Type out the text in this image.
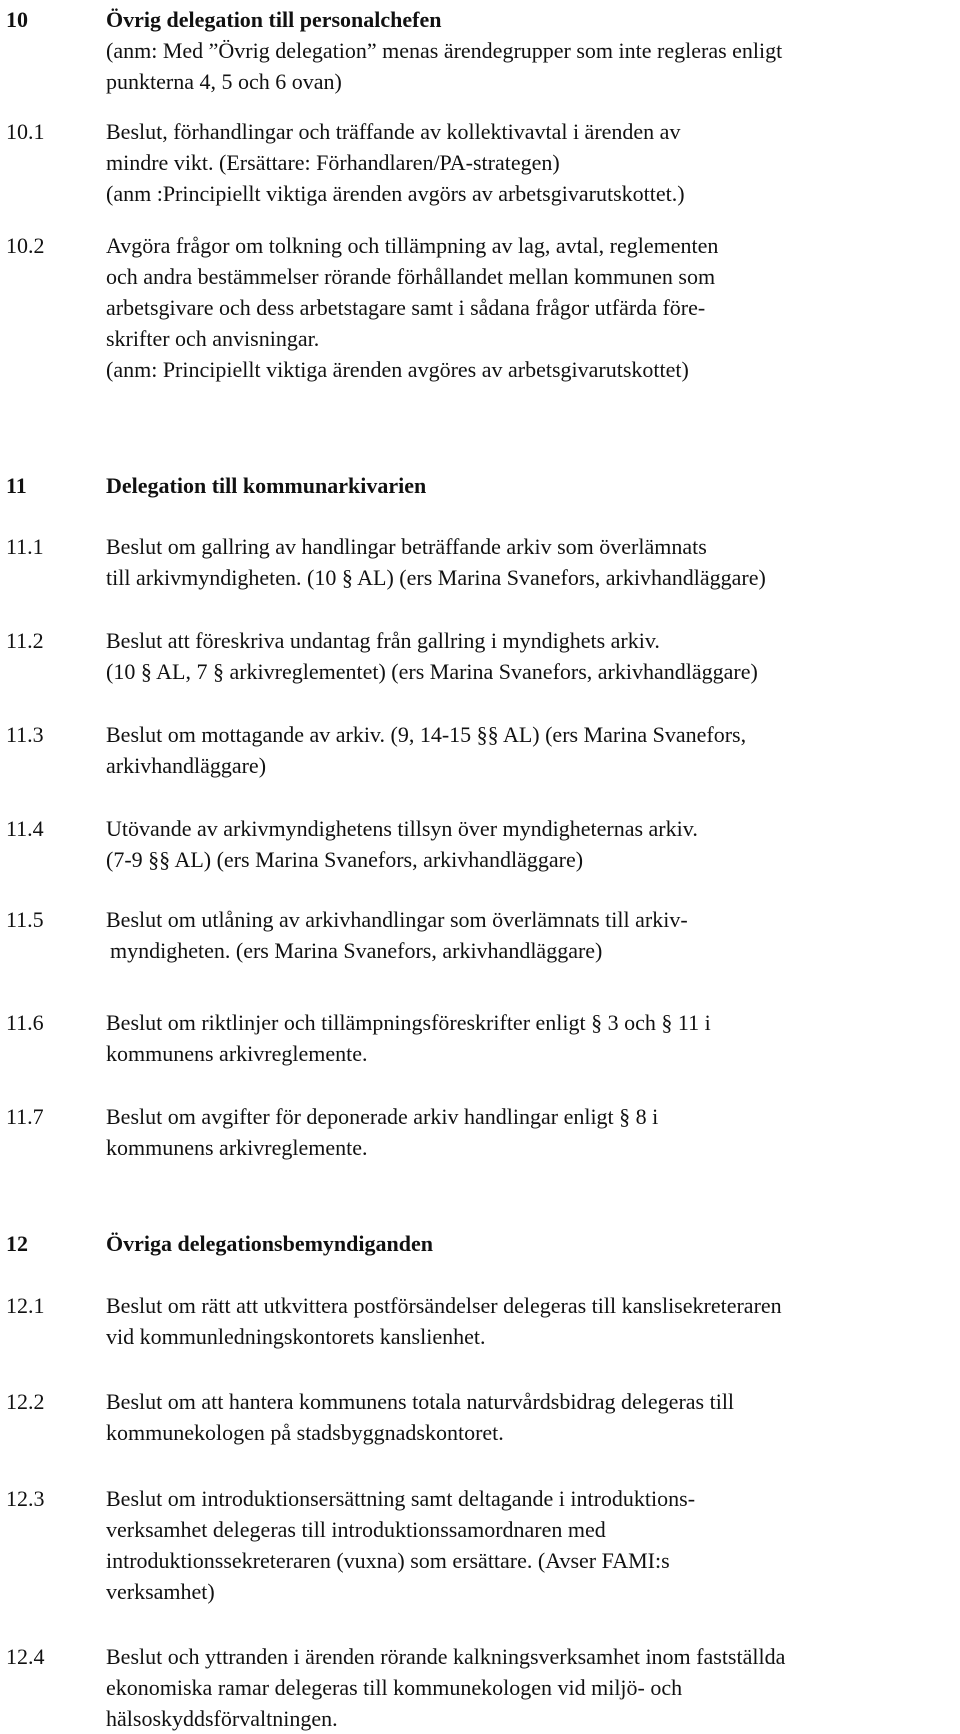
10	Övrig delegation till personalchefen
(anm: Med ”Övrig delegation” menas ärendegrupper som inte regleras enligt
punkterna 4, 5 och 6 ovan)
10.1	Beslut, förhandlingar och träffande av kollektivavtal i ärenden av
mindre vikt. (Ersättare: Förhandlaren/PA-strategen)
(anm :Principiellt viktiga ärenden avgörs av arbetsgivarutskottet.)
10.2	Avgöra frågor om tolkning och tillämpning av lag, avtal, reglementen
och andra bestämmelser rörande förhållandet mellan kommunen som
arbetsgivare och dess arbetstagare samt i sådana frågor utfärda före-
skrifter och anvisningar.
(anm: Principiellt viktiga ärenden avgöres av arbetsgivarutskottet)
11	Delegation till kommunarkivarien
11.1	Beslut om gallring av handlingar beträffande arkiv som överlämnats
till arkivmyndigheten. (10 § AL) (ers Marina Svanefors, arkivhandläggare)
11.2	Beslut att föreskriva undantag från gallring i myndighets arkiv.
(10 § AL, 7 § arkivreglementet) (ers Marina Svanefors, arkivhandläggare)
11.3	Beslut om mottagande av arkiv. (9, 14-15 §§ AL) (ers Marina Svanefors,
arkivhandläggare)
11.4	Utövande av arkivmyndighetens tillsyn över myndigheternas arkiv.
(7-9 §§ AL) (ers Marina Svanefors, arkivhandläggare)
11.5	Beslut om utlåning av arkivhandlingar som överlämnats till arkiv-
myndigheten. (ers Marina Svanefors, arkivhandläggare)
11.6	Beslut om riktlinjer och tillämpningsföreskrifter enligt § 3 och § 11 i
kommunens arkivreglemente.
11.7	Beslut om avgifter för deponerade arkiv handlingar enligt § 8 i
kommunens arkivreglemente.
12	Övriga delegationsbemyndiganden
12.1	Beslut om rätt att utkvittera postförsändelser delegeras till kanslisekreteraren
vid kommunledningskontorets kanslienhet.
12.2	Beslut om att hantera kommunens totala naturvårdsbidrag delegeras till
kommunekologen på stadsbyggnadskontoret.
12.3	Beslut om introduktionsersättning samt deltagande i introduktions-
verksamhet delegeras till introduktionssamordnaren med
introduktionssekreteraren (vuxna) som ersättare. (Avser FAMI:s
verksamhet)
12.4	Beslut och yttranden i ärenden rörande kalkningsverksamhet inom fastställda
ekonomiska ramar delegeras till kommunekologen vid miljö- och
hälsoskyddsförvaltningen.
